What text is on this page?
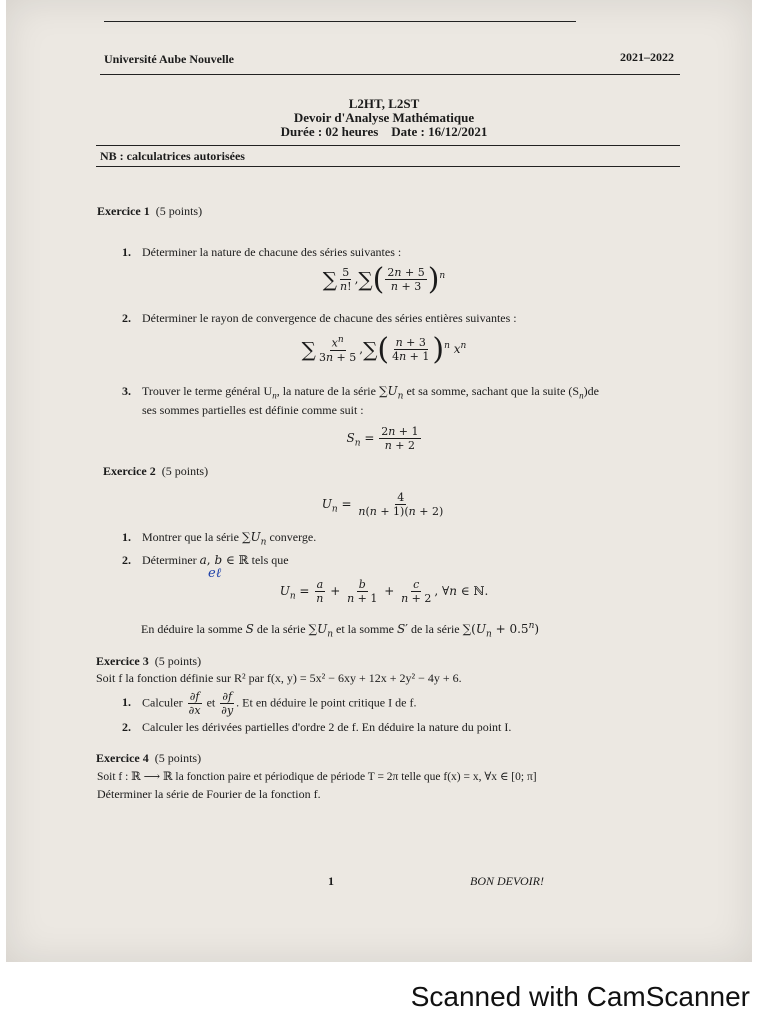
Université Aube Nouvelle	2021–2022
L2HT, L2ST
Devoir d'Analyse Mathématique
Durée : 02 heures    Date : 16/12/2021
NB : calculatrices autorisées
Exercice 1 (5 points)
1. Déterminer la nature de chacune des séries suivantes :
∑ $\frac{5}{n!}$ ,∑( $\frac{2n + 5}{n + 3} )^n$
2. Déterminer le rayon de convergence de chacune des séries entières suivantes :
∑ $\frac{x^n}{3n + 5}$ ,∑( $\frac{n + 3}{4n + 1} )^n$ $x^n$
3. Trouver le terme général $U_n$, la nature de la série $\sum U_n$ et sa somme, sachant que la suite $(S_n)de$
ses sommes partielles est définie comme suit :
$S_n = \frac{2n + 1}{n + 2}$
Exercice 2 (5 points)
$U_n = \frac{4}{n(n + 1)(n + 2)}$
1. Montrer que la série $\sum U_n$ converge.
2. Déterminer a, b ∈ ℝ tels que
eℓ
$U_n = \frac{a}{n} + \frac{b}{n + 1} + \frac{c}{n + 2}$ , ∀n ∈ ℕ.
En déduire la somme S de la série $\sum U_n$ et la somme S′ de la série $\sum(U_n + 0.5^n)$
Exercice 3 (5 points)
Soit f la fonction définie sur R² par f(x, y) = 5x² − 6xy + 12x + 2y² − 4y + 6.
1. Calculer $\frac{\partial f}{\partial x}$ et $\frac{\partial f}{\partial y}$ . Et en déduire le point critique I de f.
2. Calculer les dérivées partielles d'ordre 2 de f. En déduire la nature du point I.
Exercice 4 (5 points)
Soit f : ℝ ⟶ ℝ la fonction paire et périodique de période T = 2π telle que f(x) = x, ∀x ∈ [0; π]
Déterminer la série de Fourier de la fonction f.
1	BON DEVOIR!
Scanned with CamScanner
